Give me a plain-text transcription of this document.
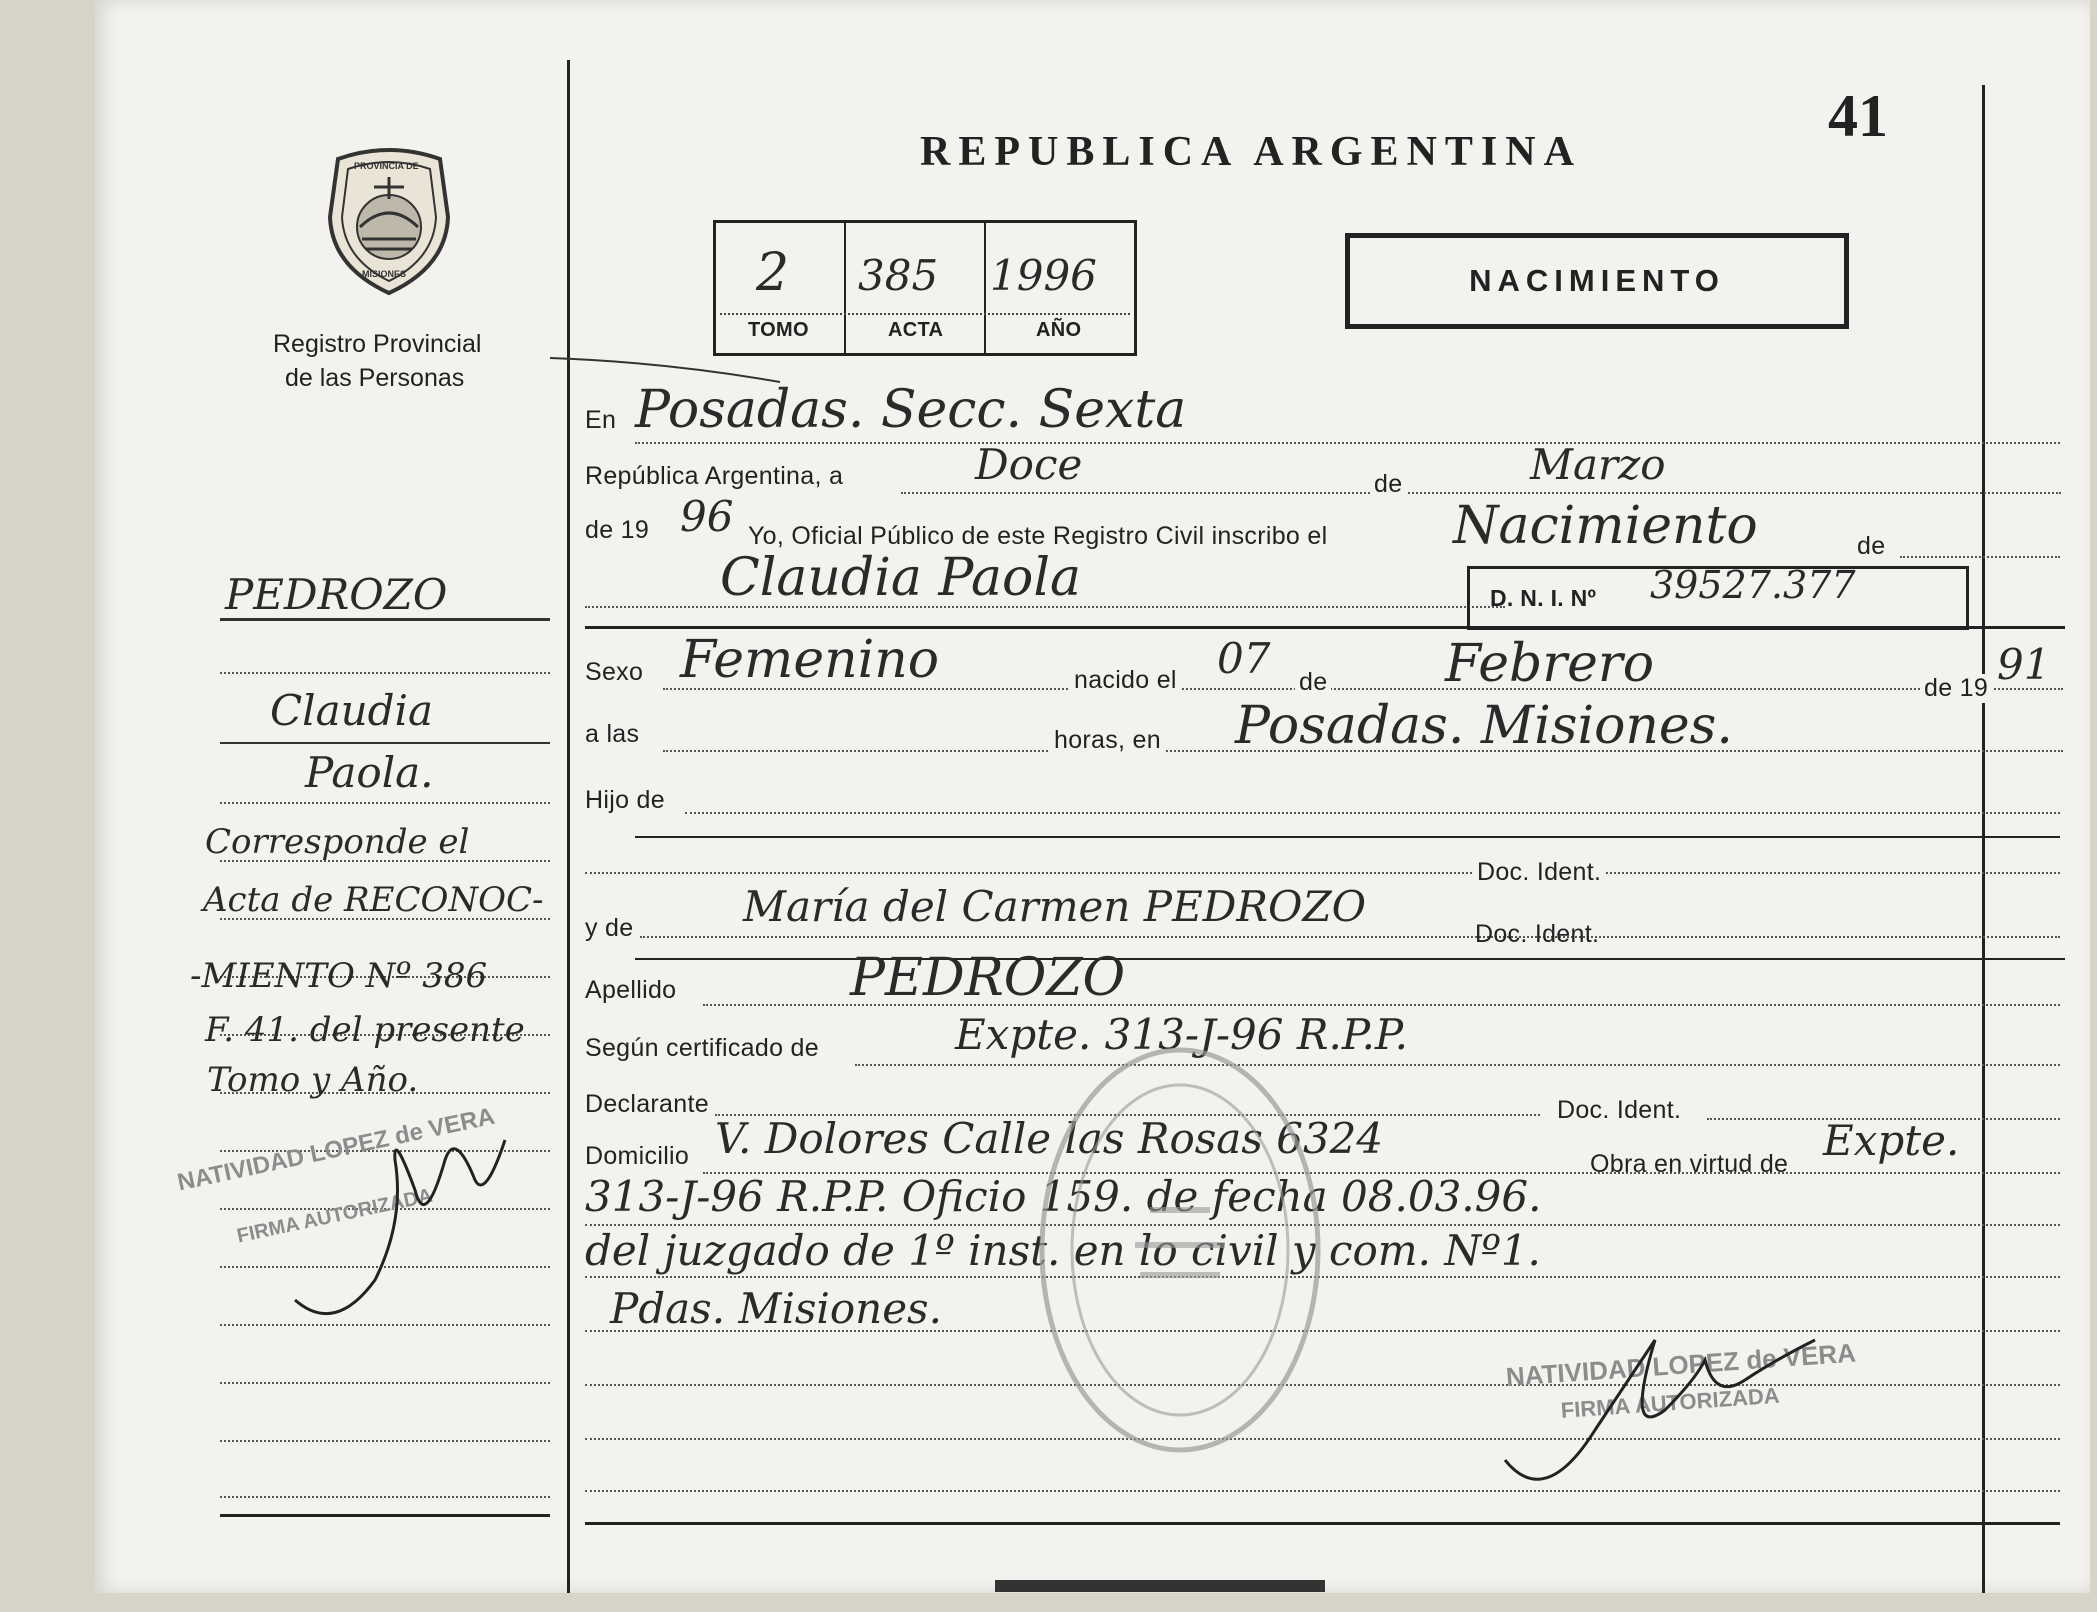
41
REPUBLICA ARGENTINA
PROVINCIA DE
MISIONES
Registro Provincial
de las Personas
2 385 1996
TOMO	ACTA	AÑO
NACIMIENTO
En Posadas. Secc. Sexta
República Argentina, a	Doce	de	Marzo
de 19 96 Yo, Oficial Público de este Registro Civil inscribo el Nacimiento	de
Claudia Paola	D. N. I. Nº 39527.377
Sexo Femenino	nacido el 07 de Febrero	de 19 91
a las	horas, en Posadas. Misiones.
Hijo de
Doc. Ident.
y de	María del Carmen PEDROZO
Doc. Ident.
Apellido	PEDROZO
Según certificado de	Expte. 313-J-96 R.P.P.
Declarante	Doc. Ident.
Domicilio V. Dolores Calle las Rosas 6324
Obra en virtud de Expte.
313-J-96 R.P.P. Oficio 159. de fecha 08.03.96.
del juzgado de 1º inst. en lo civil y com. Nº1.
Pdas. Misiones.
PEDROZO
Claudia
Paola.
Corresponde el
Acta de RECONOC-
-MIENTO Nº 386
F. 41. del presente
Tomo y Año.
NATIVIDAD LOPEZ de VERA
FIRMA AUTORIZADA
NATIVIDAD LOPEZ de VERA
FIRMA AUTORIZADA
